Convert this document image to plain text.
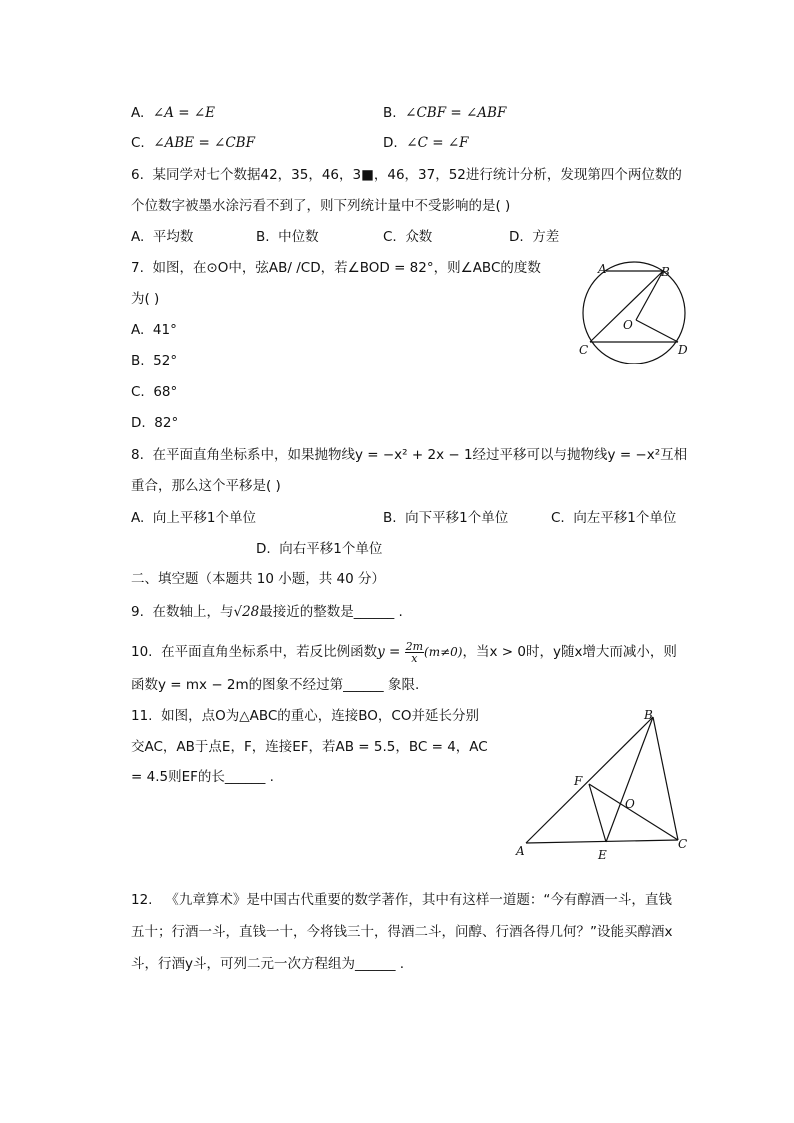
A. ∠A = ∠E	B. ∠CBF = ∠ABF
C. ∠ABE = ∠CBF	D. ∠C = ∠F
6. 某同学对七个数据42，35，46，3■，46，37，52进行统计分析，发现第四个两位数的
个位数字被墨水涂污看不到了，则下列统计量中不受影响的是( )
A. 平均数	B. 中位数	C. 众数	D. 方差
7. 如图，在⊙O中，弦AB/ /CD，若∠BOD = 82°，则∠ABC的度数
为( )
A. 41°
B. 52°
C. 68°
D. 82°
A	B
C	D
O
8. 在平面直角坐标系中，如果抛物线y = −x² + 2x − 1经过平移可以与抛物线y = −x²互相
重合，那么这个平移是( )
A. 向上平移1个单位	B. 向下平移1个单位	C. 向左平移1个单位
D. 向右平移1个单位
二、填空题（本题共 10 小题，共 40 分）
9. 在数轴上，与√28最接近的整数是______ .
10. 在平面直角坐标系中，若反比例函数$y = \frac{2m}{x} (m\ne 0)$，当x > 0时，y随x增大而减小，则
函数y = mx − 2m的图象不经过第______ 象限.
11. 如图，点O为△ABC的重心，连接BO，CO并延长分别
交AC，AB于点E，F，连接EF，若AB = 5.5，BC = 4，AC
= 4.5则EF的长______ .
A
B
C
E
F
O
12. 《九章算术》是中国古代重要的数学著作，其中有这样一道题：“今有醇酒一斗，直钱
五十；行酒一斗，直钱一十，今将钱三十，得酒二斗，问醇、行酒各得几何？”设能买醇酒x
斗，行酒y斗，可列二元一次方程组为______ .
